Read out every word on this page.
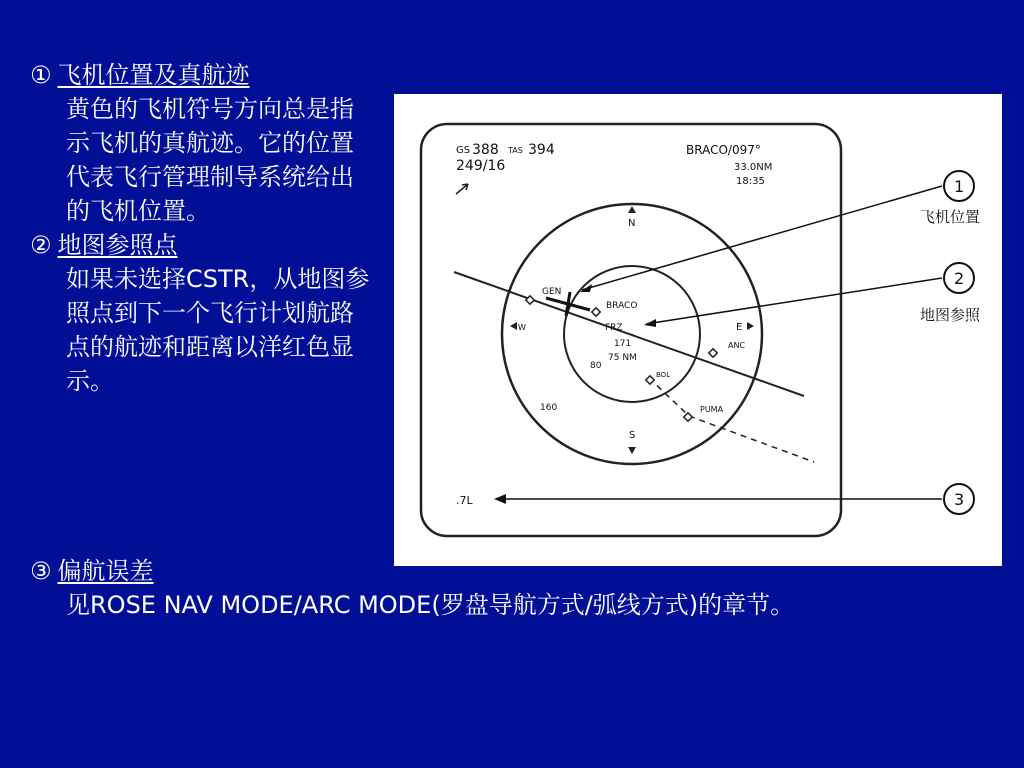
① 飞机位置及真航迹
黄色的飞机符号方向总是指示飞机的真航迹。它的位置代表飞行管理制导系统给出的飞机位置。
② 地图参照点
如果未选择CSTR，从地图参照点到下一个飞行计划航路点的航迹和距离以洋红色显示。
③ 偏航误差
见ROSE NAV MODE/ARC MODE(罗盘导航方式/弧线方式)的章节。
GS 388 TAS 394
249/16
BRACO/097°
33.0NM
18:35
N
S
E
W
GEN
BRACO
ANC
BOL
PUMA
FRZ
171
75 NM
80
160
.7L
1
飞机位置
2
地图参照
3
